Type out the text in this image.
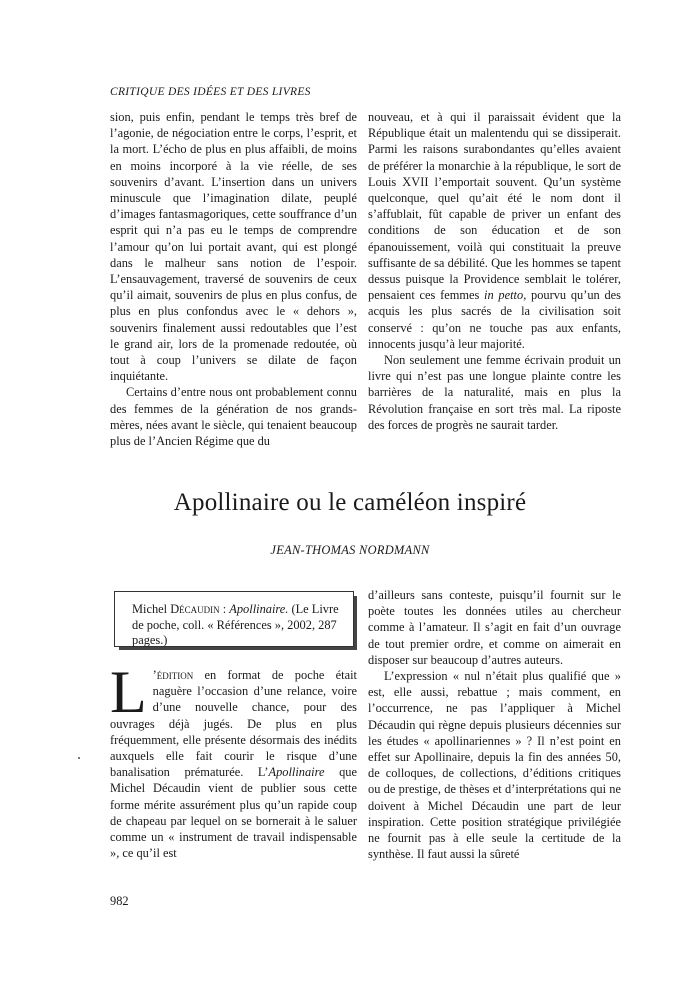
CRITIQUE DES IDÉES ET DES LIVRES

sion, puis enfin, pendant le temps très bref de l’agonie, de négociation entre le corps, l’esprit, et la mort. L’écho de plus en plus affaibli, de moins en moins incorporé à la vie réelle, de ses souvenirs d’avant. L’insertion dans un univers minuscule que l’imagination dilate, peuplé d’images fantasmagoriques, cette souffrance d’un esprit qui n’a pas eu le temps de comprendre l’amour qu’on lui portait avant, qui est plongé dans le malheur sans notion de l’espoir. L’ensauvagement, traversé de souvenirs de ceux qu’il aimait, souvenirs de plus en plus confus, de plus en plus confondus avec le « dehors », souvenirs finalement aussi redoutables que l’est le grand air, lors de la promenade redoutée, où tout à coup l’univers se dilate de façon inquiétante.

Certains d’entre nous ont probablement connu des femmes de la génération de nos grands-mères, nées avant le siècle, qui tenaient beaucoup plus de l’Ancien Régime que du

nouveau, et à qui il paraissait évident que la République était un malentendu qui se dissiperait. Parmi les raisons surabondantes qu’elles avaient de préférer la monarchie à la république, le sort de Louis XVII l’emportait souvent. Qu’un système quelconque, quel qu’ait été le nom dont il s’affublait, fût capable de priver un enfant des conditions de son éducation et de son épanouissement, voilà qui constituait la preuve suffisante de sa débilité. Que les hommes se tapent dessus puisque la Providence semblait le tolérer, pensaient ces femmes in petto, pourvu qu’un des acquis les plus sacrés de la civilisation soit conservé : qu’on ne touche pas aux enfants, innocents jusqu’à leur majorité.

Non seulement une femme écrivain produit un livre qui n’est pas une longue plainte contre les barrières de la naturalité, mais en plus la Révolution française en sort très mal. La riposte des forces de progrès ne saurait tarder.

Apollinaire ou le caméléon inspiré
JEAN-THOMAS NORDMANN
Michel Décaudin : Apollinaire. (Le Livre de poche, coll. « Références », 2002, 287 pages.)

L ’édition en format de poche était naguère l’occasion d’une relance, voire d’une nouvelle chance, pour des ouvrages déjà jugés. De plus en plus fréquemment, elle présente désormais des inédits auxquels elle fait courir le risque d’une banalisation prématurée. L’Apollinaire que Michel Décaudin vient de publier sous cette forme mérite assurément plus qu’un rapide coup de chapeau par lequel on se bornerait à le saluer comme un « instrument de travail indispensable », ce qu’il est

d’ailleurs sans conteste, puisqu’il fournit sur le poète toutes les données utiles au chercheur comme à l’amateur. Il s’agit en fait d’un ouvrage de tout premier ordre, et comme on aimerait en disposer sur beaucoup d’autres auteurs.

L’expression « nul n’était plus qualifié que » est, elle aussi, rebattue ; mais comment, en l’occurrence, ne pas l’appliquer à Michel Décaudin qui règne depuis plusieurs décennies sur les études « apollinariennes » ? Il n’est point en effet sur Apollinaire, depuis la fin des années 50, de colloques, de collections, d’éditions critiques ou de prestige, de thèses et d’interprétations qui ne doivent à Michel Décaudin une part de leur inspiration. Cette position stratégique privilégiée ne fournit pas à elle seule la certitude de la synthèse. Il faut aussi la sûreté

982
